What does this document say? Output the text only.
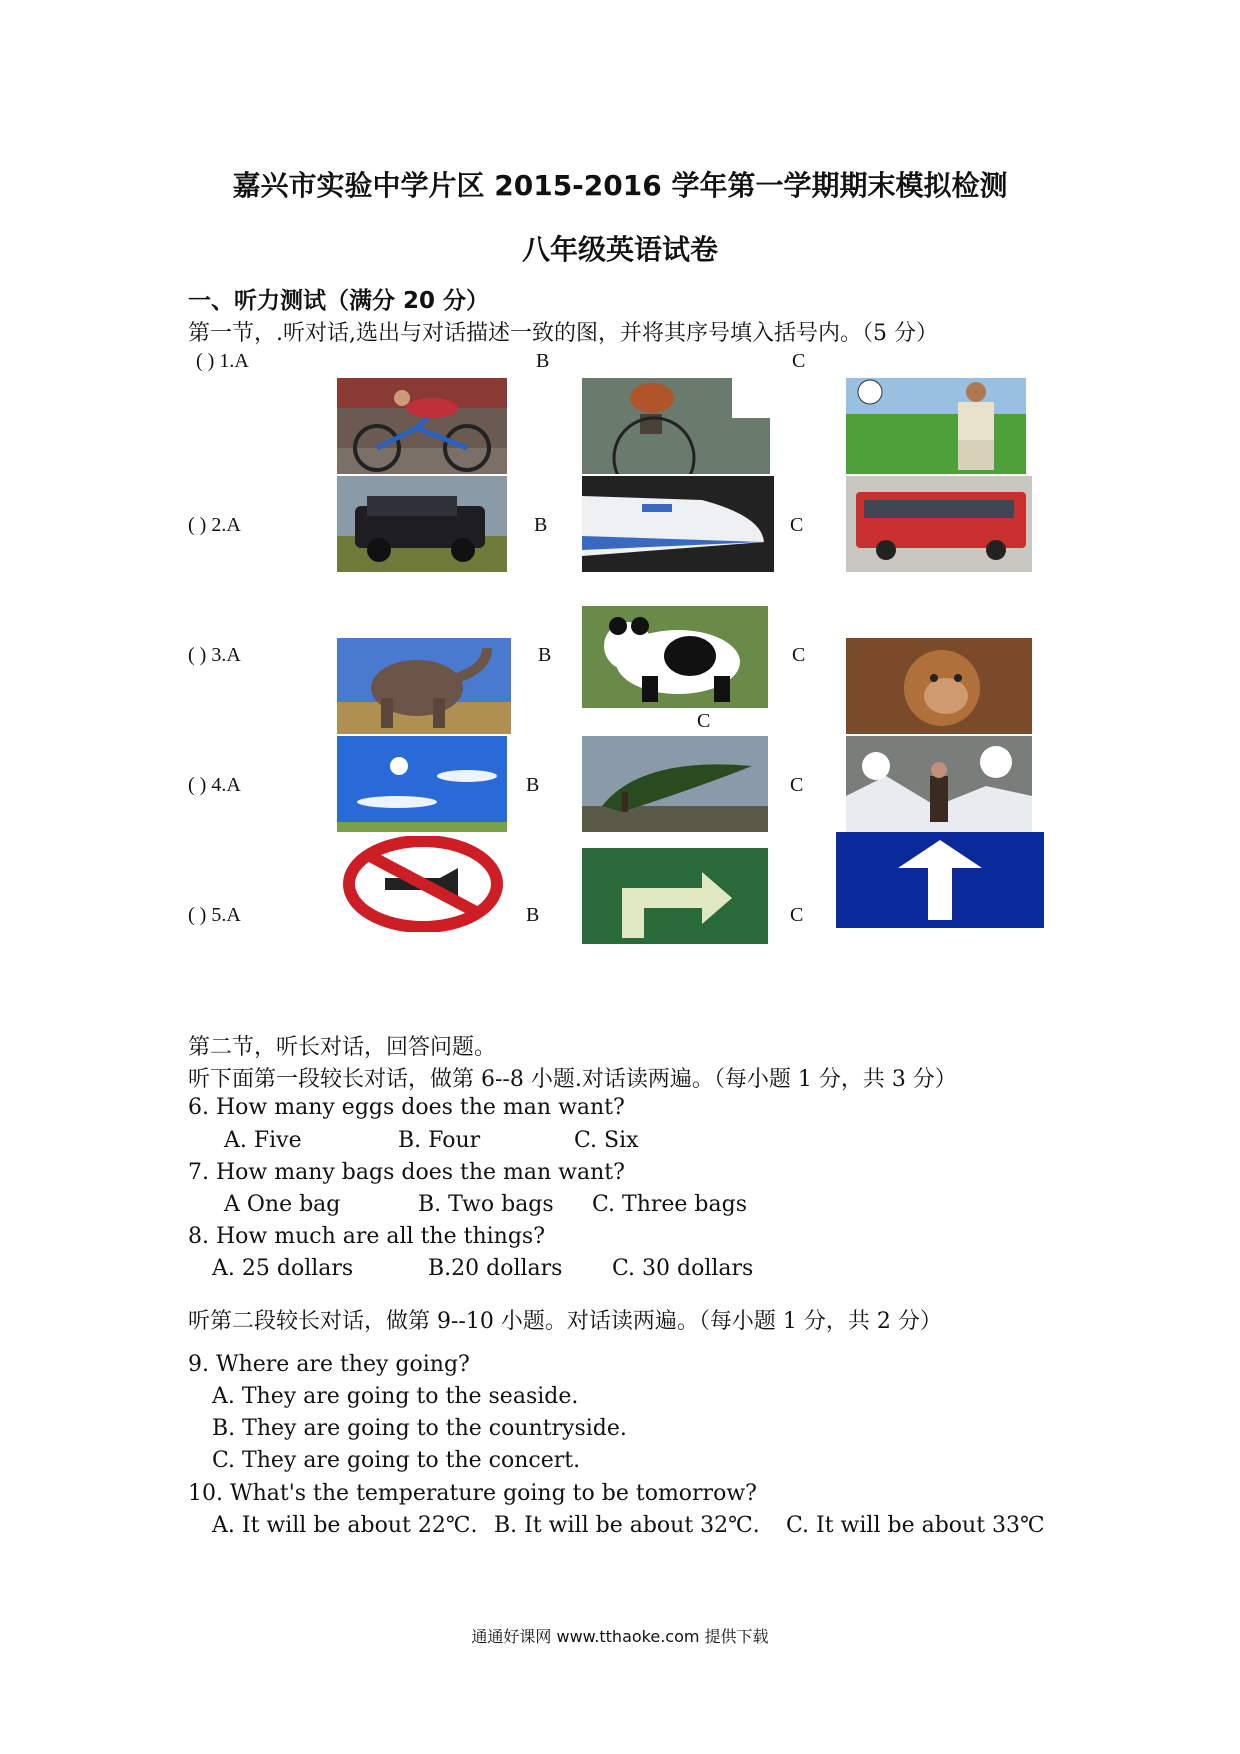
嘉兴市实验中学片区 2015-2016 学年第一学期期末模拟检测
八年级英语试卷
一、听力测试（满分 20 分）
第一节，.听对话,选出与对话描述一致的图，并将其序号填入括号内。（5 分）
( ) 1.A	B	C
( ) 2.A	B	C
( ) 3.A	B	C
C
( ) 4.A	B	C
( ) 5.A	B	C
第二节，听长对话，回答问题。
听下面第一段较长对话，做第 6--8 小题.对话读两遍。（每小题 1 分，共 3 分）
6. How many eggs does the man want?
A. Five	B. Four	C. Six
7. How many bags does the man want?
A One bag	B. Two bags C. Three bags
8. How much are all the things?
A. 25 dollars	B.20 dollars C. 30 dollars
听第二段较长对话，做第 9--10 小题。对话读两遍。（每小题 1 分，共 2 分）
9. Where are they going?
A. They are going to the seaside.
B. They are going to the countryside.
C. They are going to the concert.
10. What's the temperature going to be tomorrow?
A. It will be about 22℃. B. It will be about 32℃. C. It will be about 33℃
通通好课网 www.tthaoke.com 提供下载
